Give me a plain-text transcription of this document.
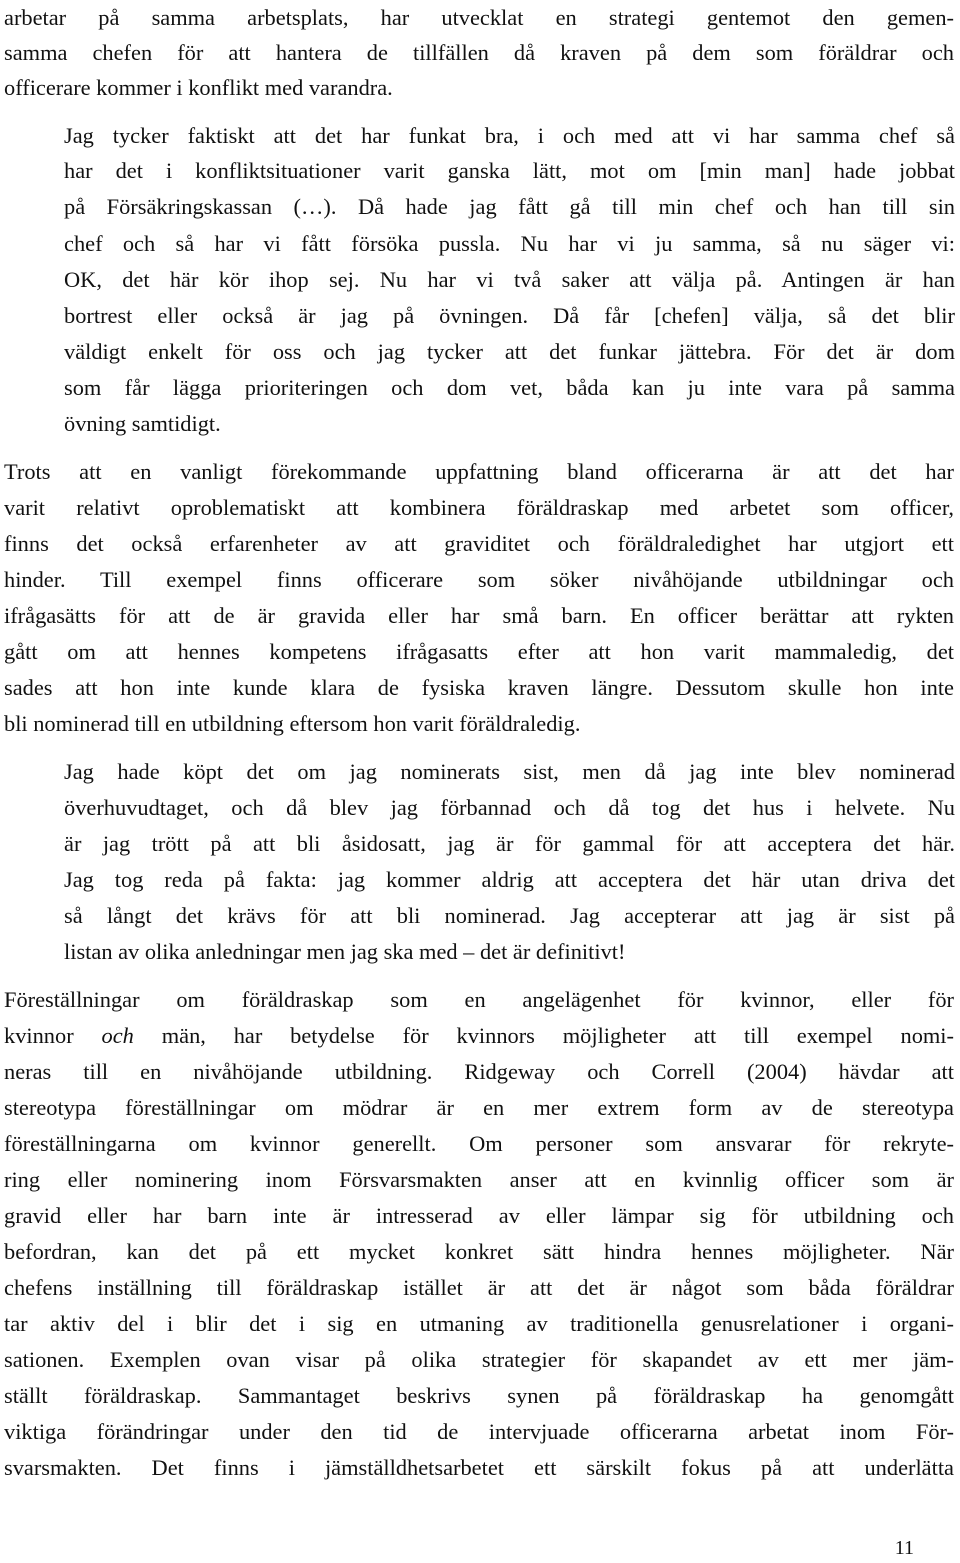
arbetar på samma arbetsplats, har utvecklat en strategi gentemot den gemen-

samma chefen för att hantera de tillfällen då kraven på dem som föräldrar och

officerare kommer i konflikt med varandra.

Jag tycker faktiskt att det har funkat bra, i och med att vi har samma chef så

har det i konfliktsituationer varit ganska lätt, mot om [min man] hade jobbat

på Försäkringskassan (…). Då hade jag fått gå till min chef och han till sin

chef och så har vi fått försöka pussla. Nu har vi ju samma, så nu säger vi:

OK, det här kör ihop sej. Nu har vi två saker att välja på. Antingen är han

bortrest eller också är jag på övningen. Då får [chefen] välja, så det blir

väldigt enkelt för oss och jag tycker att det funkar jättebra. För det är dom

som får lägga prioriteringen och dom vet, båda kan ju inte vara på samma

övning samtidigt.

Trots att en vanligt förekommande uppfattning bland officerarna är att det har

varit relativt oproblematiskt att kombinera föräldraskap med arbetet som officer,

finns det också erfarenheter av att graviditet och föräldraledighet har utgjort ett

hinder. Till exempel finns officerare som söker nivåhöjande utbildningar och

ifrågasätts för att de är gravida eller har små barn. En officer berättar att rykten

gått om att hennes kompetens ifrågasatts efter att hon varit mammaledig, det

sades att hon inte kunde klara de fysiska kraven längre. Dessutom skulle hon inte

bli nominerad till en utbildning eftersom hon varit föräldraledig.

Jag hade köpt det om jag nominerats sist, men då jag inte blev nominerad

överhuvudtaget, och då blev jag förbannad och då tog det hus i helvete. Nu

är jag trött på att bli åsidosatt, jag är för gammal för att acceptera det här.

Jag tog reda på fakta: jag kommer aldrig att acceptera det här utan driva det

så långt det krävs för att bli nominerad. Jag accepterar att jag är sist på

listan av olika anledningar men jag ska med – det är definitivt!

Föreställningar om föräldraskap som en angelägenhet för kvinnor, eller för

kvinnor och män, har betydelse för kvinnors möjligheter att till exempel nomi-

neras till en nivåhöjande utbildning. Ridgeway och Correll (2004) hävdar att

stereotypa föreställningar om mödrar är en mer extrem form av de stereotypa

föreställningarna om kvinnor generellt. Om personer som ansvarar för rekryte-

ring eller nominering inom Försvarsmakten anser att en kvinnlig officer som är

gravid eller har barn inte är intresserad av eller lämpar sig för utbildning och

befordran, kan det på ett mycket konkret sätt hindra hennes möjligheter. När

chefens inställning till föräldraskap istället är att det är något som båda föräldrar

tar aktiv del i blir det i sig en utmaning av traditionella genusrelationer i organi-

sationen. Exemplen ovan visar på olika strategier för skapandet av ett mer jäm-

ställt föräldraskap. Sammantaget beskrivs synen på föräldraskap ha genomgått

viktiga förändringar under den tid de intervjuade officerarna arbetat inom För-

svarsmakten. Det finns i jämställdhetsarbetet ett särskilt fokus på att underlätta

11
